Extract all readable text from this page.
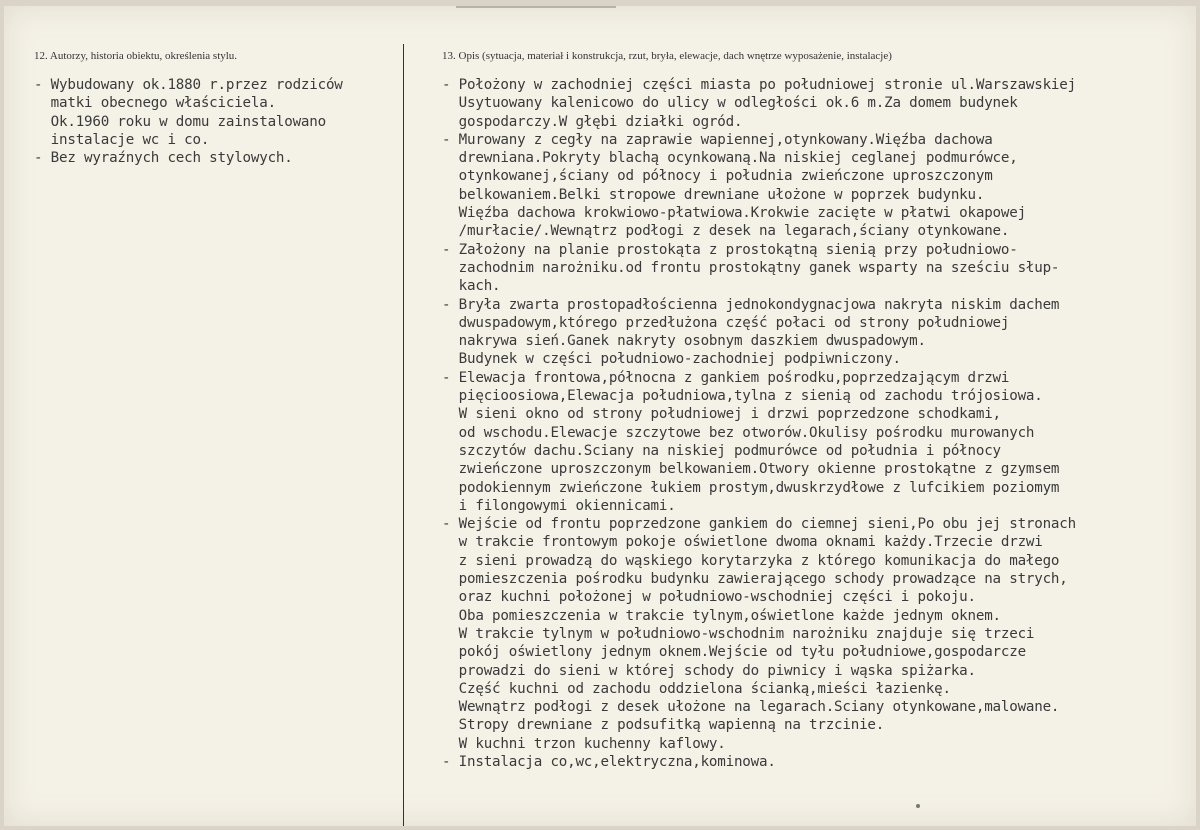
12. Autorzy, historia obiektu, określenia stylu.	13. Opis (sytuacja, materiał i konstrukcja, rzut, bryła, elewacje, dach wnętrze wyposażenie, instalacje)
- Wybudowany ok.1880 r.przez rodziców
matki obecnego właściciela.
Ok.1960 roku w domu zainstalowano
instalacje wc i co.
- Bez wyraźnych cech stylowych.
- Położony w zachodniej części miasta po południowej stronie ul.Warszawskiej
Usytuowany kalenicowo do ulicy w odległości ok.6 m.Za domem budynek
gospodarczy.W głębi działki ogród.
- Murowany z cegły na zaprawie wapiennej,otynkowany.Więźba dachowa
drewniana.Pokryty blachą ocynkowaną.Na niskiej ceglanej podmurówce,
otynkowanej,ściany od północy i południa zwieńczone uproszczonym
belkowaniem.Belki stropowe drewniane ułożone w poprzek budynku.
Więźba dachowa krokwiowo-płatwiowa.Krokwie zacięte w płatwi okapowej
/murłacie/.Wewnątrz podłogi z desek na legarach,ściany otynkowane.
- Założony na planie prostokąta z prostokątną sienią przy południowo-
zachodnim narożniku.od frontu prostokątny ganek wsparty na sześciu słup-
kach.
- Bryła zwarta prostopadłościenna jednokondygnacjowa nakryta niskim dachem
dwuspadowym,którego przedłużona część połaci od strony południowej
nakrywa sień.Ganek nakryty osobnym daszkiem dwuspadowym.
Budynek w części południowo-zachodniej podpiwniczony.
- Elewacja frontowa,północna z gankiem pośrodku,poprzedzającym drzwi
pięcioosiowa,Elewacja południowa,tylna z sienią od zachodu trójosiowa.
W sieni okno od strony południowej i drzwi poprzedzone schodkami,
od wschodu.Elewacje szczytowe bez otworów.Okulisy pośrodku murowanych
szczytów dachu.Sciany na niskiej podmurówce od południa i północy
zwieńczone uproszczonym belkowaniem.Otwory okienne prostokątne z gzymsem
podokiennym zwieńczone łukiem prostym,dwuskrzydłowe z lufcikiem poziomym
i filongowymi okiennicami.
- Wejście od frontu poprzedzone gankiem do ciemnej sieni,Po obu jej stronach
w trakcie frontowym pokoje oświetlone dwoma oknami każdy.Trzecie drzwi
z sieni prowadzą do wąskiego korytarzyka z którego komunikacja do małego
pomieszczenia pośrodku budynku zawierającego schody prowadzące na strych,
oraz kuchni położonej w południowo-wschodniej części i pokoju.
Oba pomieszczenia w trakcie tylnym,oświetlone każde jednym oknem.
W trakcie tylnym w południowo-wschodnim narożniku znajduje się trzeci
pokój oświetlony jednym oknem.Wejście od tyłu południowe,gospodarcze
prowadzi do sieni w której schody do piwnicy i wąska spiżarka.
Część kuchni od zachodu oddzielona ścianką,mieści łazienkę.
Wewnątrz podłogi z desek ułożone na legarach.Sciany otynkowane,malowane.
Stropy drewniane z podsufitką wapienną na trzcinie.
W kuchni trzon kuchenny kaflowy.
- Instalacja co,wc,elektryczna,kominowa.
